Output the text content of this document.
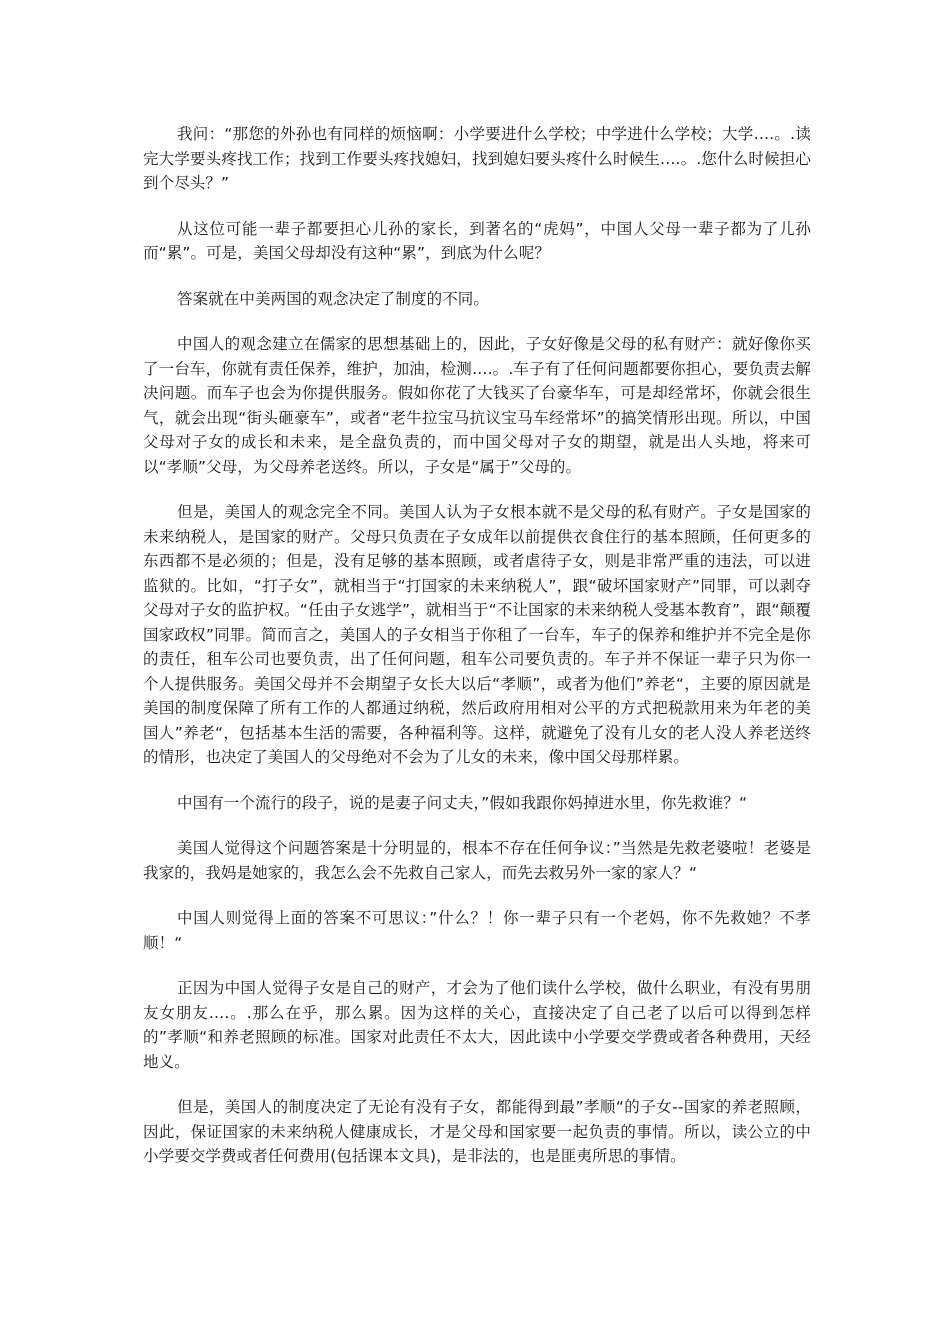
我问：“那您的外孙也有同样的烦恼啊：小学要进什么学校；中学进什么学校；大学….。.读完大学要头疼找工作；找到工作要头疼找媳妇，找到媳妇要头疼什么时候生….。.您什么时候担心到个尽头？”

从这位可能一辈子都要担心儿孙的家长，到著名的“虎妈”，中国人父母一辈子都为了儿孙而“累”。可是，美国父母却没有这种“累”，到底为什么呢？

答案就在中美两国的观念决定了制度的不同。

中国人的观念建立在儒家的思想基础上的，因此，子女好像是父母的私有财产：就好像你买了一台车，你就有责任保养，维护，加油，检测….。.车子有了任何问题都要你担心，要负责去解决问题。而车子也会为你提供服务。假如你花了大钱买了台豪华车，可是却经常坏，你就会很生气，就会出现“街头砸豪车”，或者“老牛拉宝马抗议宝马车经常坏”的搞笑情形出现。所以，中国父母对子女的成长和未来，是全盘负责的，而中国父母对子女的期望，就是出人头地，将来可以“孝顺”父母，为父母养老送终。所以，子女是“属于”父母的。

但是，美国人的观念完全不同。美国人认为子女根本就不是父母的私有财产。子女是国家的未来纳税人，是国家的财产。父母只负责在子女成年以前提供衣食住行的基本照顾，任何更多的东西都不是必须的；但是，没有足够的基本照顾，或者虐待子女，则是非常严重的违法，可以进监狱的。比如，“打子女”，就相当于“打国家的未来纳税人”，跟“破坏国家财产”同罪，可以剥夺父母对子女的监护权。“任由子女逃学”，就相当于“不让国家的未来纳税人受基本教育”，跟“颠覆国家政权”同罪。简而言之，美国人的子女相当于你租了一台车，车子的保养和维护并不完全是你的责任，租车公司也要负责，出了任何问题，租车公司要负责的。车子并不保证一辈子只为你一个人提供服务。美国父母并不会期望子女长大以后“孝顺”，或者为他们”养老“，主要的原因就是美国的制度保障了所有工作的人都通过纳税，然后政府用相对公平的方式把税款用来为年老的美国人”养老“，包括基本生活的需要，各种福利等。这样，就避免了没有儿女的老人没人养老送终的情形，也决定了美国人的父母绝对不会为了儿女的未来，像中国父母那样累。

中国有一个流行的段子，说的是妻子问丈夫，”假如我跟你妈掉进水里，你先救谁？“

美国人觉得这个问题答案是十分明显的，根本不存在任何争议：”当然是先救老婆啦！老婆是我家的，我妈是她家的，我怎么会不先救自己家人，而先去救另外一家的家人？“

中国人则觉得上面的答案不可思议：”什么？！你一辈子只有一个老妈，你不先救她？不孝顺！“

正因为中国人觉得子女是自己的财产，才会为了他们读什么学校，做什么职业，有没有男朋友女朋友….。.那么在乎，那么累。因为这样的关心，直接决定了自己老了以后可以得到怎样的”孝顺“和养老照顾的标准。国家对此责任不太大，因此读中小学要交学费或者各种费用，天经地义。

但是，美国人的制度决定了无论有没有子女，都能得到最”孝顺“的子女--国家的养老照顾，因此，保证国家的未来纳税人健康成长，才是父母和国家要一起负责的事情。所以，读公立的中小学要交学费或者任何费用(包括课本文具)，是非法的，也是匪夷所思的事情。
